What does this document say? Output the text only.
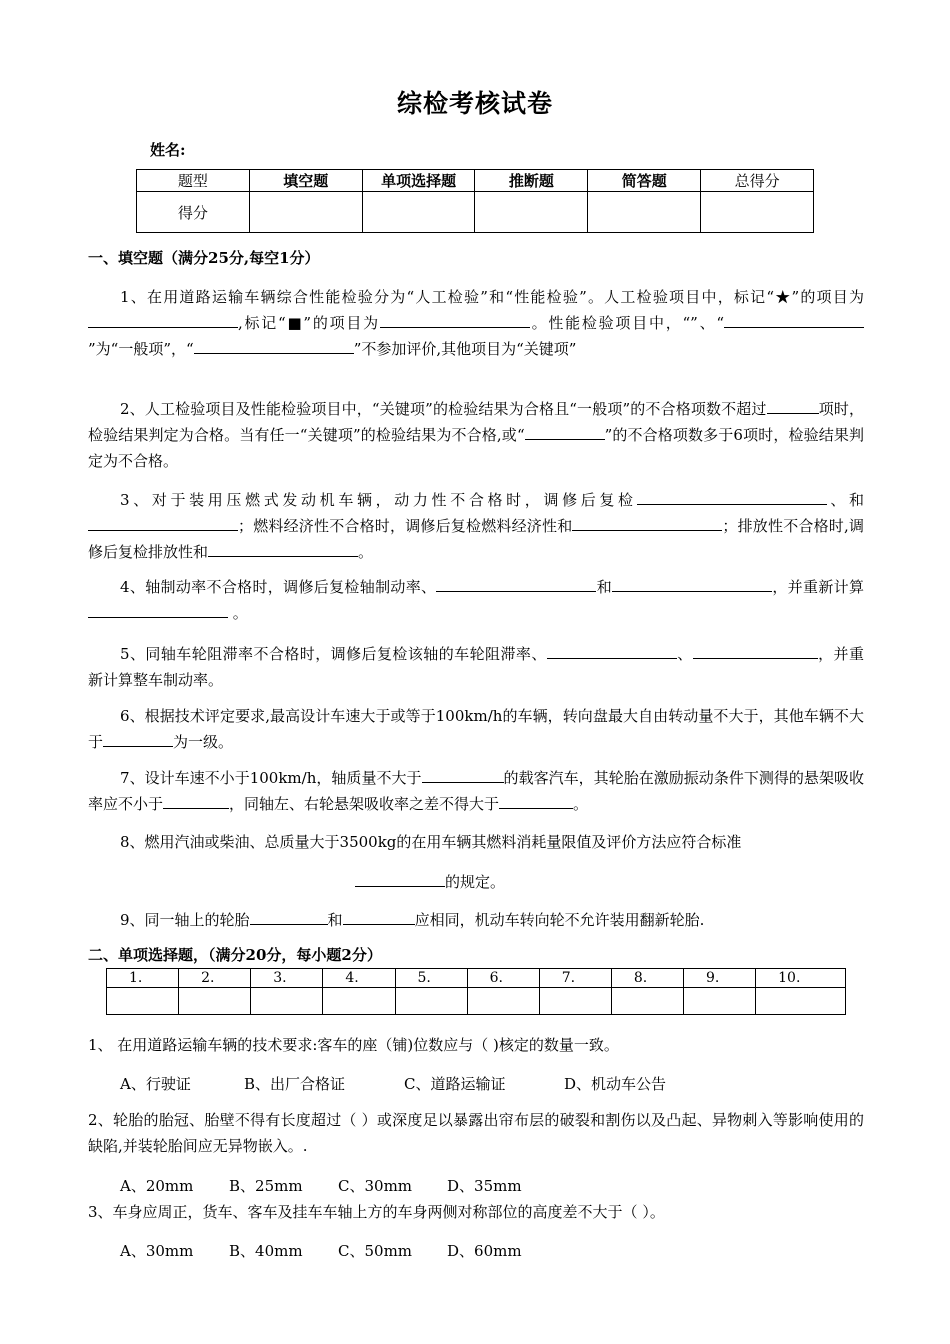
综检考核试卷
姓名:
题型	填空题	单项选择题	推断题	简答题	总得分
得分					
一、填空题（满分25分,每空1分）
1、在用道路运输车辆综合性能检验分为“人工检验”和“性能检验”。人工检验项目中，标记“★”的项目为,标记“■”的项目为	。性能检验项目中，“”、“”为“一般项”，“	”不参加评价,其他项目为“关键项”
2、人工检验项目及性能检验项目中，“关键项”的检验结果为合格且“一般项”的不合格项数不超过	项时，检验结果判定为合格。当有任一“关键项”的检验结果为不合格,或“	”的不合格项数多于6项时，检验结果判定为不合格。
3、对于装用压燃式发动机车辆，动力性不合格时，调修后复检	、和；燃料经济性不合格时，调修后复检燃料经济性和	；排放性不合格时,调修后复检排放性和	。
4、轴制动率不合格时，调修后复检轴制动率、	和	，并重新计算 。
5、同轴车轮阻滞率不合格时，调修后复检该轴的车轮阻滞率、	、	，并重新计算整车制动率。
6、根据技术评定要求,最高设计车速大于或等于100km/h的车辆，转向盘最大自由转动量不大于，其他车辆不大于	为一级。
7、设计车速不小于100km/h，轴质量不大于	的载客汽车，其轮胎在激励振动条件下测得的悬架吸收率应不小于	，同轴左、右轮悬架吸收率之差不得大于	。
8、燃用汽油或柴油、总质量大于3500kg的在用车辆其燃料消耗量限值及评价方法应符合标准
的规定。
9、同一轴上的轮胎	和	应相同，机动车转向轮不允许装用翻新轮胎.
二、单项选择题，（满分20分，每小题2分）
1.	2.	3.	4.	5.	6.	7.	8.	9.	10.

1、 在用道路运输车辆的技术要求:客车的座（铺)位数应与（ )核定的数量一致。
A、行驶证	B、出厂合格证	C、道路运输证	D、机动车公告
2、轮胎的胎冠、胎壁不得有长度超过（ ）或深度足以暴露出帘布层的破裂和割伤以及凸起、异物刺入等影响使用的缺陷,并装轮胎间应无异物嵌入。.
A、20mm B、25mm C、30mm D、35mm
3、车身应周正，货车、客车及挂车车轴上方的车身两侧对称部位的高度差不大于（ ）。
A、30mm B、40mm C、50mm D、60mm
